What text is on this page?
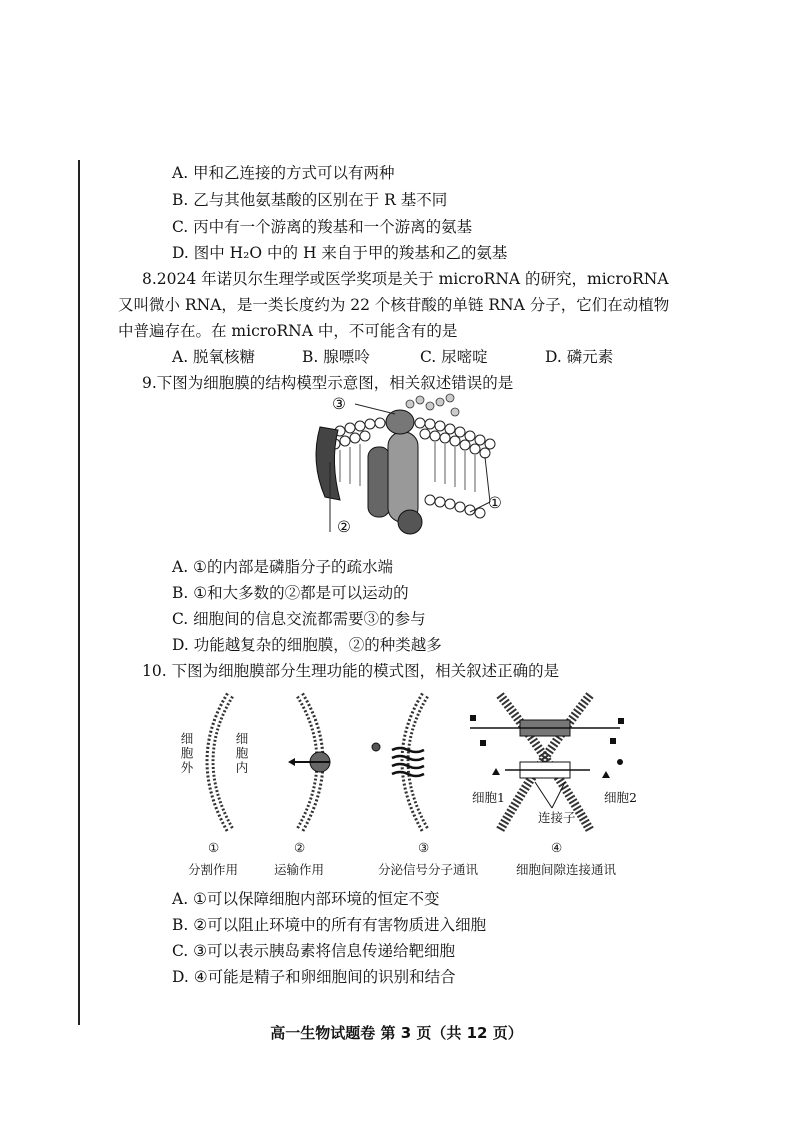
A. 甲和乙连接的方式可以有两种
B. 乙与其他氨基酸的区别在于 R 基不同
C. 丙中有一个游离的羧基和一个游离的氨基
D. 图中 H₂O 中的 H 来自于甲的羧基和乙的氨基
8.2024 年诺贝尔生理学或医学奖项是关于 microRNA 的研究，microRNA
又叫微小 RNA，是一类长度约为 22 个核苷酸的单链 RNA 分子，它们在动植物
中普遍存在。在 microRNA 中，不可能含有的是
A. 脱氧核糖	B. 腺嘌呤	C. 尿嘧啶	D. 磷元素
9.下图为细胞膜的结构模型示意图，相关叙述错误的是
③
②
①
A. ①的内部是磷脂分子的疏水端
B. ①和大多数的②都是可以运动的
C. 细胞间的信息交流都需要③的参与
D. 功能越复杂的细胞膜，②的种类越多
10. 下图为细胞膜部分生理功能的模式图，相关叙述正确的是
细胞外	细胞内
细胞1	细胞2
连接子
①	②	③	④
分割作用	运输作用	分泌信号分子通讯	细胞间隙连接通讯
A. ①可以保障细胞内部环境的恒定不变
B. ②可以阻止环境中的所有有害物质进入细胞
C. ③可以表示胰岛素将信息传递给靶细胞
D. ④可能是精子和卵细胞间的识别和结合
高一生物试题卷 第 3 页（共 12 页）
